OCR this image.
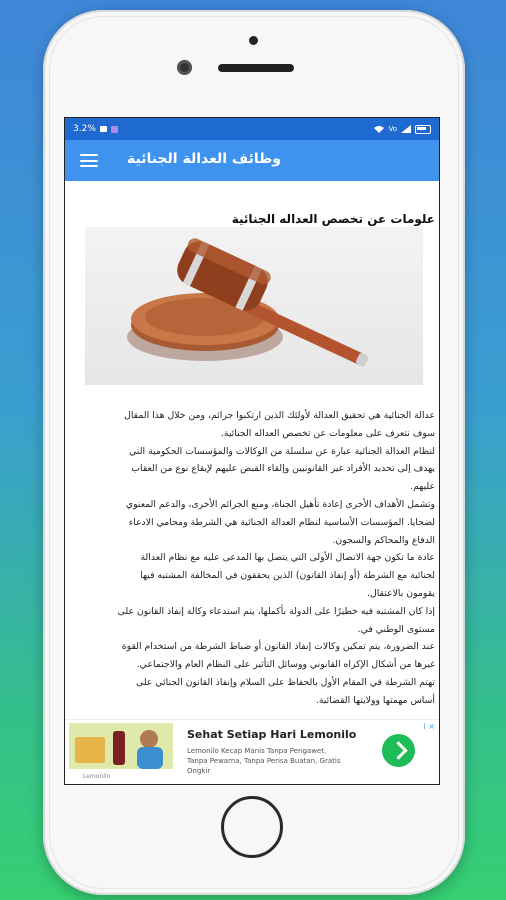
3.2%	Vo
وظائف العدالة الجنائية
علومات عن تخصص العداله الجنائية

عدالة الجنائية هي تحقيق العدالة لأولئك الذين ارتكبوا جرائم، ومن خلال هذا المقال

سوف نتعرف على معلومات عن تخصص العداله الجنائية.

لنظام العدالة الجنائية عبارة عن سلسلة من الوكالات والمؤسسات الحكومية التي

يهدف إلى تحديد الأفراد غير القانونيين وإلقاء القبض عليهم لإيقاع نوع من العقاب

عليهم.

وتشمل الأهداف الأخرى إعادة تأهيل الجناة، ومنع الجرائم الأخرى، والدعم المعنوي

لضحايا. المؤسسات الأساسية لنظام العدالة الجنائية هي الشرطة ومحامي الادعاء

الدفاع والمحاكم والسجون.

عادة ما تكون جهة الاتصال الأولى التي يتصل بها المدعى عليه مع نظام العدالة

لجنائية مع الشرطة (أو إنفاذ القانون) الذين يحققون في المخالفة المشتبه فيها

يقومون بالاعتقال.

إذا كان المشتبه فيه خطيرًا على الدولة بأكملها، يتم استدعاء وكالة إنفاذ القانون على

مستوى الوطني في.

عند الضرورة، يتم تمكين وكالات إنفاذ القانون أو ضباط الشرطة من استخدام القوة

غيرها من أشكال الإكراه القانوني ووسائل التأثير على النظام العام والاجتماعي.

تهتم الشرطة في المقام الأول بالحفاظ على السلام وإنفاذ القانون الجنائي على

أساس مهمتها وولايتها القضائية.

Sehat Setiap Hari Lemonilo
Lemonilo Kecap Manis Tanpa Pengawet, Tanpa Pewarna, Tanpa Perisa Buatan, Gratis Ongkir
Lemonilo
i ×
